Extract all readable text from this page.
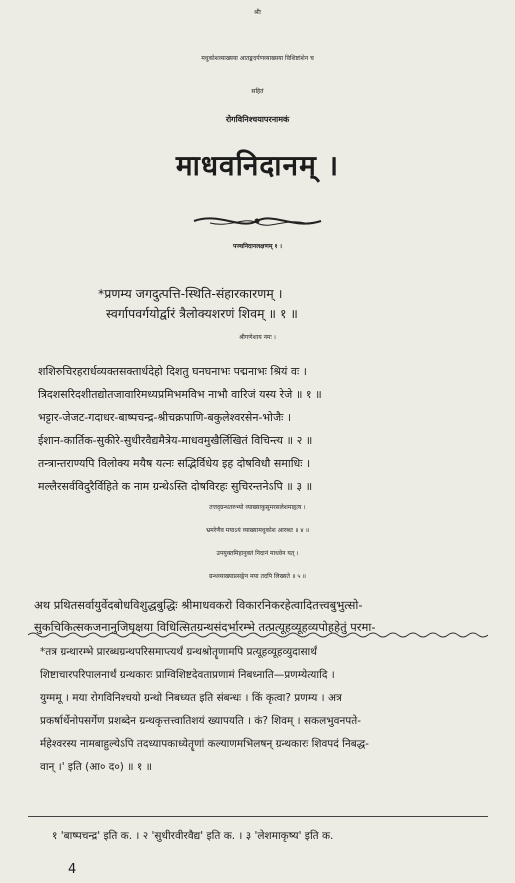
श्रीः
मधुकोशव्याख्यया आतङ्कदर्पणव्याख्यया विशिष्टांशेन च
सहितं
रोगविनिश्चयापरनामकं
माधवनिदानम् ।
पञ्चनिदानलक्षणम् १ ।
*प्रणम्य जगदुत्पत्ति-स्थिति-संहारकारणम् ।
स्वर्गापवर्गयोर्द्वारं त्रैलोक्यशरणं शिवम् ॥ १ ॥
श्रीगणेशाय नमः ।
शशिरुचिरहरार्धव्यक्तसक्तार्धदेहो दिशतु घनघनाभः पद्मनाभः श्रियं वः ।
त्रिदशसरिदशीतद्योतजावारिमध्यप्रमिभमविभ नाभौ वारिजं यस्य रेजे ॥ १ ॥
भट्टार-जेजट-गदाधर-बाष्पचन्द्र-श्रीचक्रपाणि-बकुलेश्वरसेन-भोजैः ।
ईशान-कार्तिक-सुकीरे-सुधीरवैद्यमैत्रेय-माधवमुखैर्लिखितं विचिन्त्य ॥ २ ॥
तन्त्रान्तराण्यपि विलोक्य मयैष यत्नः सद्भिर्विधेय इह दोषविधौ समाधिः ।
मल्लैरसर्वविदुरैर्विहिते क नाम ग्रन्थेऽस्ति दोषविरहः सुचिरन्तनेऽपि ॥ ३ ॥
तत्तद्ग्रन्थतरुभ्यो व्याख्याकुसुमरसलेशमाहृत्य ।
भ्रमरेणैव मयाऽयं व्याख्यामधुकोश आरब्धः ॥ ४ ॥
उपयुक्तमिहानुक्तं निदानं माधवेन यत् ।
ग्रन्थव्याख्याप्रसङ्गेन मया तदपि लिख्यते ॥ ५ ॥
अथ प्रथितसर्वायुर्वेदबोधविशुद्धबुद्धिः श्रीमाधवकरो विकारनिकरहेत्वादितत्त्वबुभुत्सो-
सुकचिकित्सकजनानुजिघृक्षया विधित्सितग्रन्थसंदर्भारम्भे तत्प्रत्यूहव्यूहव्यपोहहेतुं परमा-
*तत्र ग्रन्थारम्भे प्रारब्धग्रन्थपरिसमाप्त्यर्थं ग्रन्थश्रोतॄणामपि प्रत्यूहव्यूहव्युदासार्थं
शिष्टाचारपरिपालनार्थं ग्रन्थकारः प्राग्विशिष्टदेवताप्रणामं निबध्नाति—प्रणम्येत्यादि ।
युग्ममू । मया रोगविनिश्चयो ग्रन्थो निबध्यत इति संबन्धः । किं कृत्वा? प्रणम्य । अत्र
प्रकर्षार्थेनोपसर्गेण प्रशब्देन ग्रन्थकृत्तत्त्वातिशयं ख्यापयति । कं? शिवम् । सकलभुवनपते-
र्महेश्वरस्य नामबाहुल्येऽपि तदध्यापकाध्येतॄणां कल्याणमभिलषन् ग्रन्थकारः शिवपदं निबद्ध-
वान् ।' इति (आ० द०) ॥ १ ॥
१ 'बाष्पचन्द्र' इति क. । २ 'सुधीरवीरवैद्य' इति क. । ३ 'लेशमाकृष्य' इति क.
4
